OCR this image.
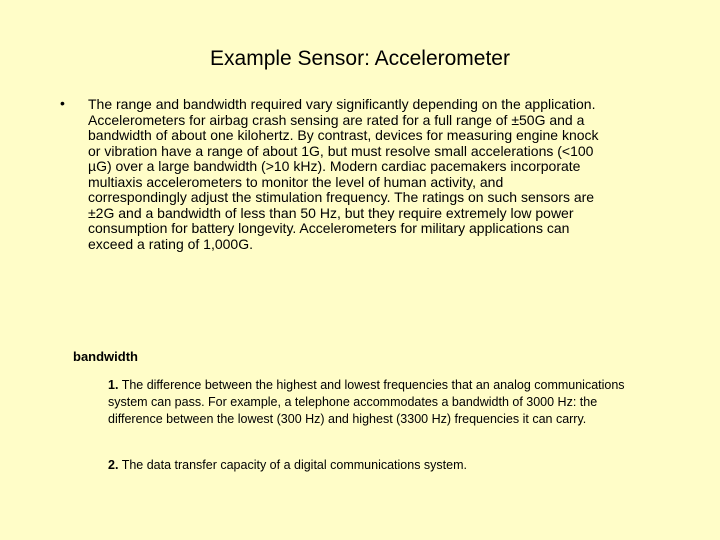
Example Sensor: Accelerometer
• The range and bandwidth required vary significantly depending on the application. Accelerometers for airbag crash sensing are rated for a full range of ±50G and a bandwidth of about one kilohertz. By contrast, devices for measuring engine knock or vibration have a range of about 1G, but must resolve small accelerations (<100 µG) over a large bandwidth (>10 kHz). Modern cardiac pacemakers incorporate multiaxis accelerometers to monitor the level of human activity, and correspondingly adjust the stimulation frequency. The ratings on such sensors are ±2G and a bandwidth of less than 50 Hz, but they require extremely low power consumption for battery longevity. Accelerometers for military applications can exceed a rating of 1,000G.
bandwidth
1. The difference between the highest and lowest frequencies that an analog communications system can pass. For example, a telephone accommodates a bandwidth of 3000 Hz: the difference between the lowest (300 Hz) and highest (3300 Hz) frequencies it can carry.
2. The data transfer capacity of a digital communications system.
